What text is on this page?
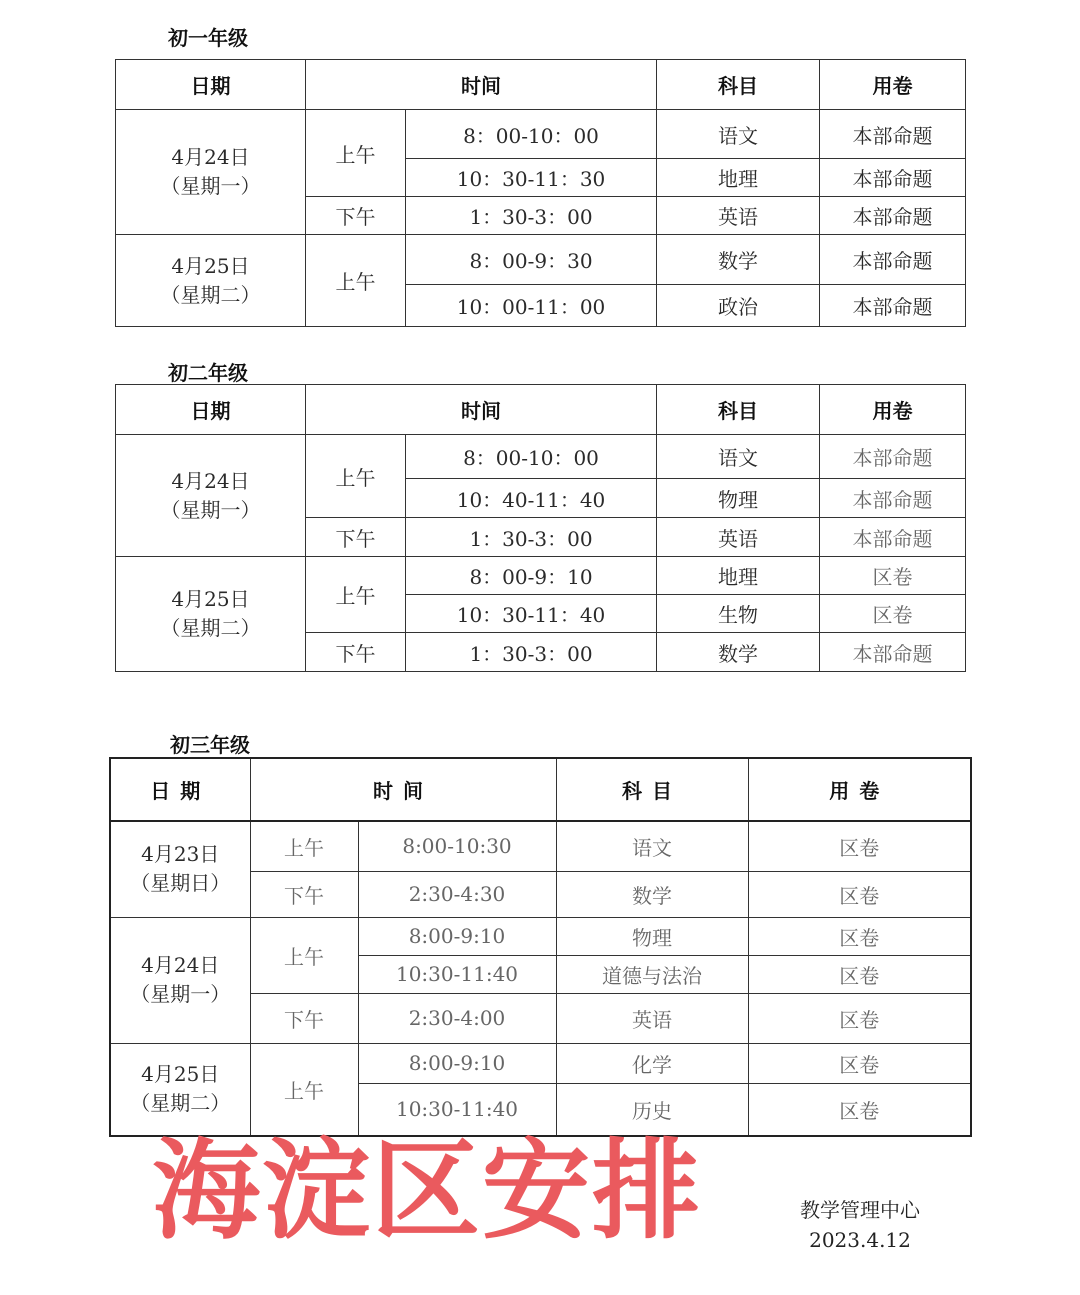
初一年级
日期	时间		科目	用卷

4月24日
（星期一）	上午	8：00-10：00	语文	本部命题
		10：30-11：30	地理	本部命题
	下午	1：30-3：00	英语	本部命题

4月25日
（星期二）	上午	8：00-9：30	数学	本部命题
		10：00-11：00	政治	本部命题
初二年级
日期	时间		科目	用卷

4月24日
（星期一）	上午	8：00-10：00	语文	本部命题
		10：40-11：40	物理	本部命题
	下午	1：30-3：00	英语	本部命题

4月25日
（星期二）	上午	8：00-9：10	地理	区卷
		10：30-11：40	生物	区卷
	下午	1：30-3：00	数学	本部命题
初三年级
日期	时间		科目	用卷

4月23日
（星期日）	上午	8:00-10:30	语文	区卷
	下午	2:30-4:30	数学	区卷

4月24日
（星期一）	上午	8:00-9:10	物理	区卷
		10:30-11:40	道德与法治	区卷
	下午	2:30-4:00	英语	区卷

4月25日
（星期二）	上午	8:00-9:10	化学	区卷
		10:30-11:40	历史	区卷
海淀区安排	教学管理中心
2023.4.12
